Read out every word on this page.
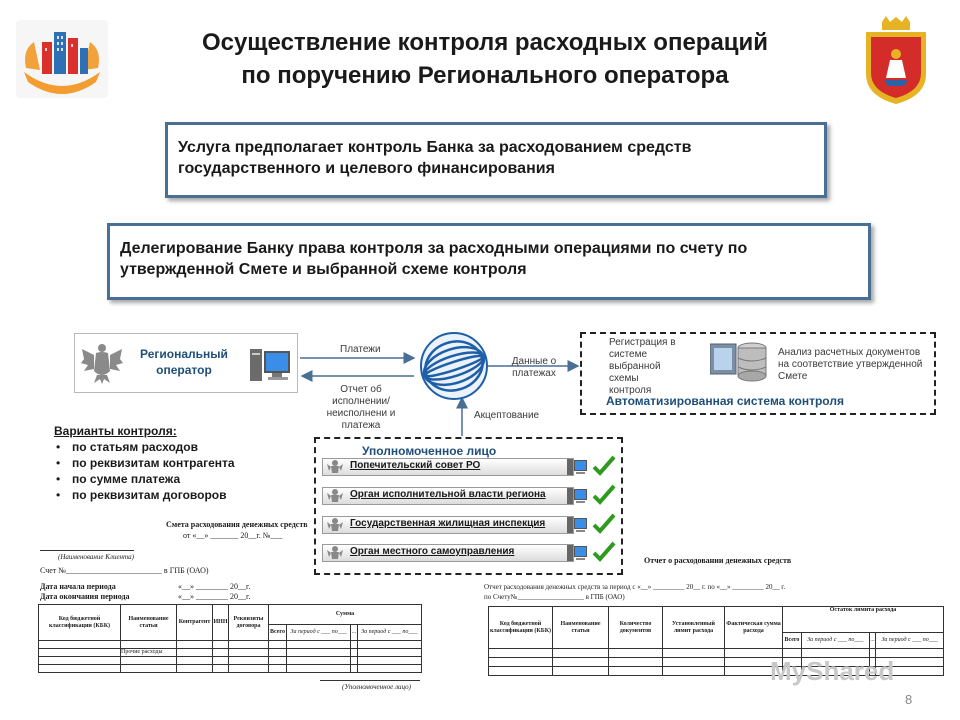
Осуществление контроля расходных операций
по поручению Регионального оператора
Услуга предполагает контроль Банка за расходованием средств государственного и целевого финансирования
Делегирование Банку права контроля за расходными операциями по счету по утвержденной Смете и выбранной схеме контроля
Региональный оператор
Платежи
Отчет об исполнении/неисполнени и платежа
Данные о платежах
Акцептование
Регистрация в системе выбранной схемы контроля
Анализ расчетных документов на соответствие утвержденной Смете
Автоматизированная система контроля
Уполномоченное лицо
Попечительский совет РО
Орган исполнительной власти региона
Государственная жилищная инспекция
Орган местного самоуправления
Варианты контроля:
• по статьям расходов
• по реквизитам контрагента
• по сумме платежа
• по реквизитам договоров
Смета расходования денежных средств
от «__» _______ 20__г. №___
(Наименование Клиента)
Счет №________________________ в ГПБ (ОАО)
Дата начала периода	«__» ________ 20__г.
Дата окончания периода	«__» ________ 20__г.
Код бюджетной классификации (КБК)	Наименование статьи	Контрагент	ИНН	Реквизиты договора	Сумма			
					Всего	За период с ___ по___	...	За период с ___ по___

	Прочие расходы							

(Уполномоченное лицо)
Отчет о расходовании денежных средств
Отчет расходования денежных средств за период с «__» _________ 20__ г. по «__» _________ 20__ г.
по Счету№___________________ в ГПБ (ОАО)
Код бюджетной классификации (КБК)	Наименование статьи	Количество документов	Установленный лимит расхода	Фактическая сумма расхода	Остаток лимита расхода			
					Всего	За период с ___ по___	...	За период с ___ по___

MyShared
8
